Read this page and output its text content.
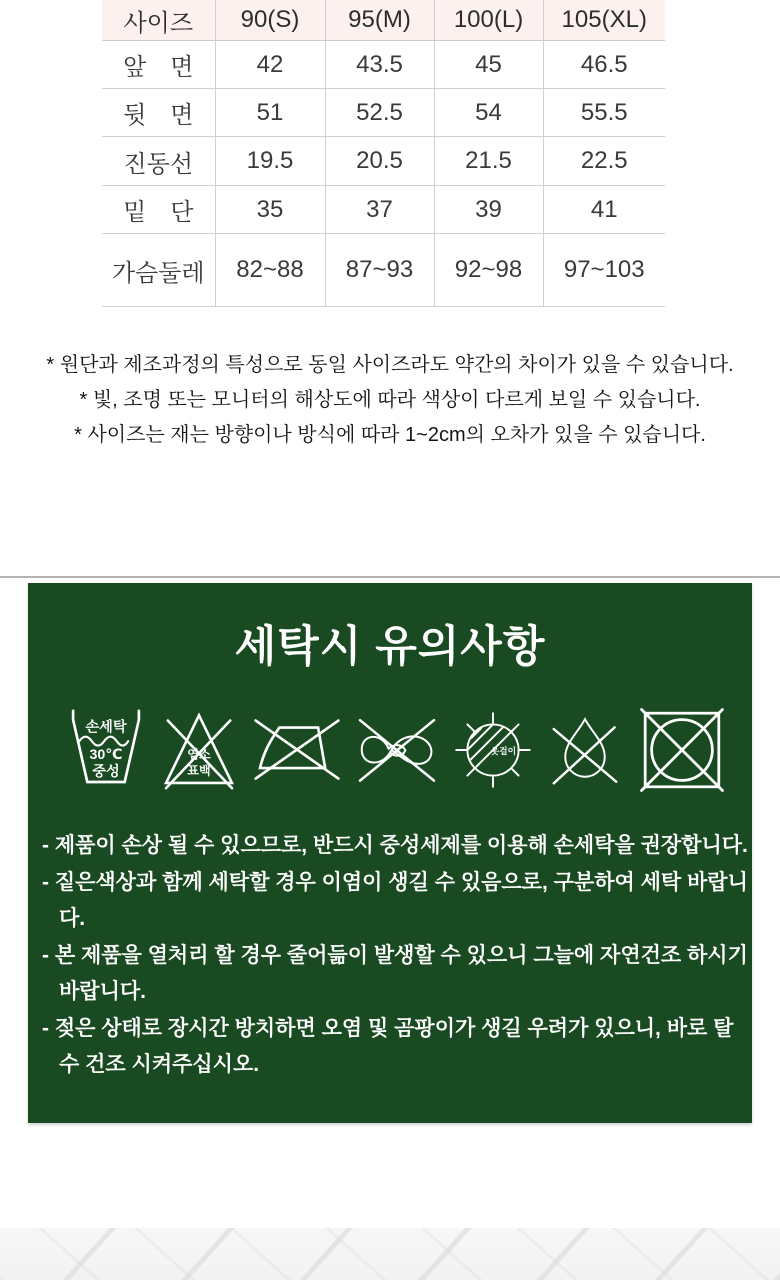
사이즈	90(S)	95(M)	100(L)	105(XL)
앞　면	42	43.5	45	46.5
뒷　면	51	52.5	54	55.5
진동선	19.5	20.5	21.5	22.5
밑　단	35	37	39	41
가슴둘레	82~88	87~93	92~98	97~103

* 원단과 제조과정의 특성으로 동일 사이즈라도 약간의 차이가 있을 수 있습니다.

* 빛, 조명 또는 모니터의 해상도에 따라 색상이 다르게 보일 수 있습니다.

* 사이즈는 재는 방향이나 방식에 따라 1~2cm의 오차가 있을 수 있습니다.

세탁시 유의사항
손세탁
30℃
중성
염소
표백
옷걸이

- 제품이 손상 될 수 있으므로, 반드시 중성세제를 이용해 손세탁을 권장합니다.

- 짙은색상과 함께 세탁할 경우 이염이 생길 수 있음으로, 구분하여 세탁 바랍니다.

- 본 제품을 열처리 할 경우 줄어듦이 발생할 수 있으니 그늘에 자연건조 하시기 바랍니다.

- 젖은 상태로 장시간 방치하면 오염 및 곰팡이가 생길 우려가 있으니, 바로 탈수 건조 시켜주십시오.
